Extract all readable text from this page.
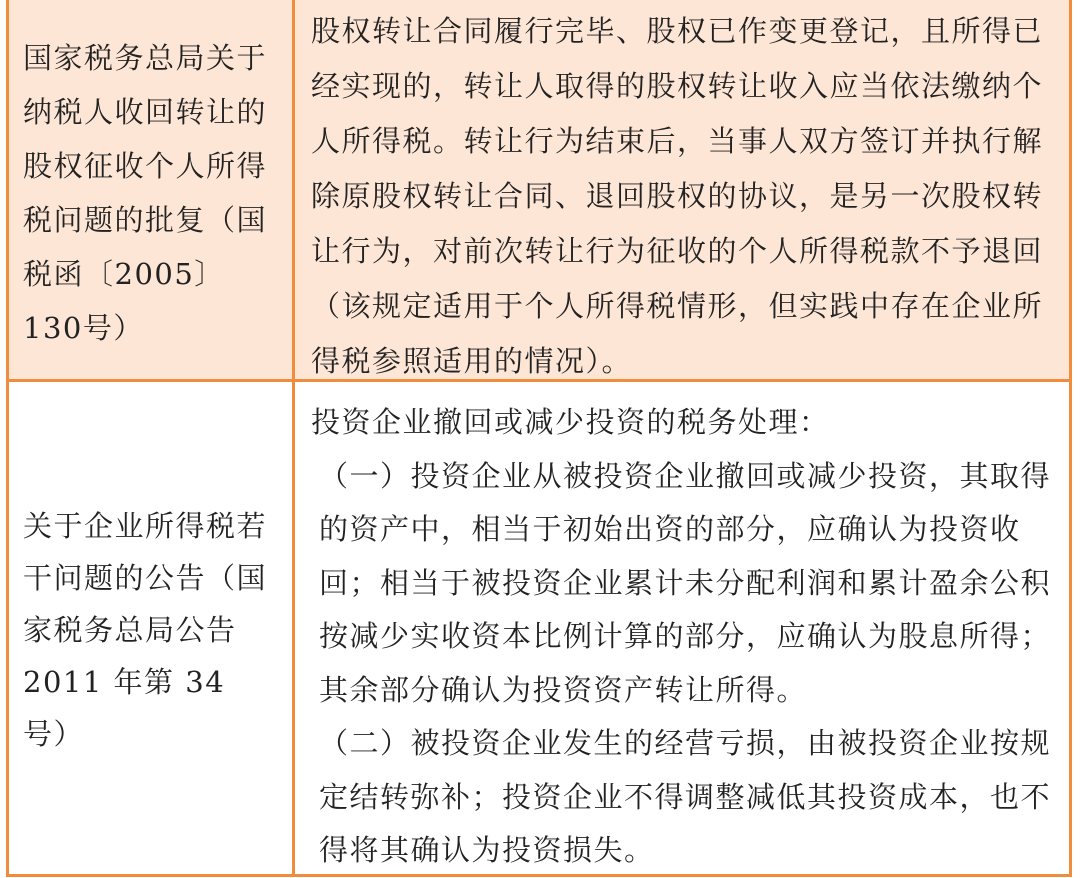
国家税务总局关于纳税人收回转让的股权征收个人所得税问题的批复（国税函〔2005〕130号）

股权转让合同履行完毕、股权已作变更登记，且所得已经实现的，转让人取得的股权转让收入应当依法缴纳个人所得税。转让行为结束后，当事人双方签订并执行解除原股权转让合同、退回股权的协议，是另一次股权转让行为，对前次转让行为征收的个人所得税款不予退回（该规定适用于个人所得税情形，但实践中存在企业所得税参照适用的情况）。

关于企业所得税若干问题的公告（国家税务总局公告 2011 年第 34 号）

投资企业撤回或减少投资的税务处理：

（一）投资企业从被投资企业撤回或减少投资，其取得的资产中，相当于初始出资的部分，应确认为投资收回；相当于被投资企业累计未分配利润和累计盈余公积按减少实收资本比例计算的部分，应确认为股息所得；其余部分确认为投资资产转让所得。

（二）被投资企业发生的经营亏损，由被投资企业按规定结转弥补；投资企业不得调整减低其投资成本，也不得将其确认为投资损失。
